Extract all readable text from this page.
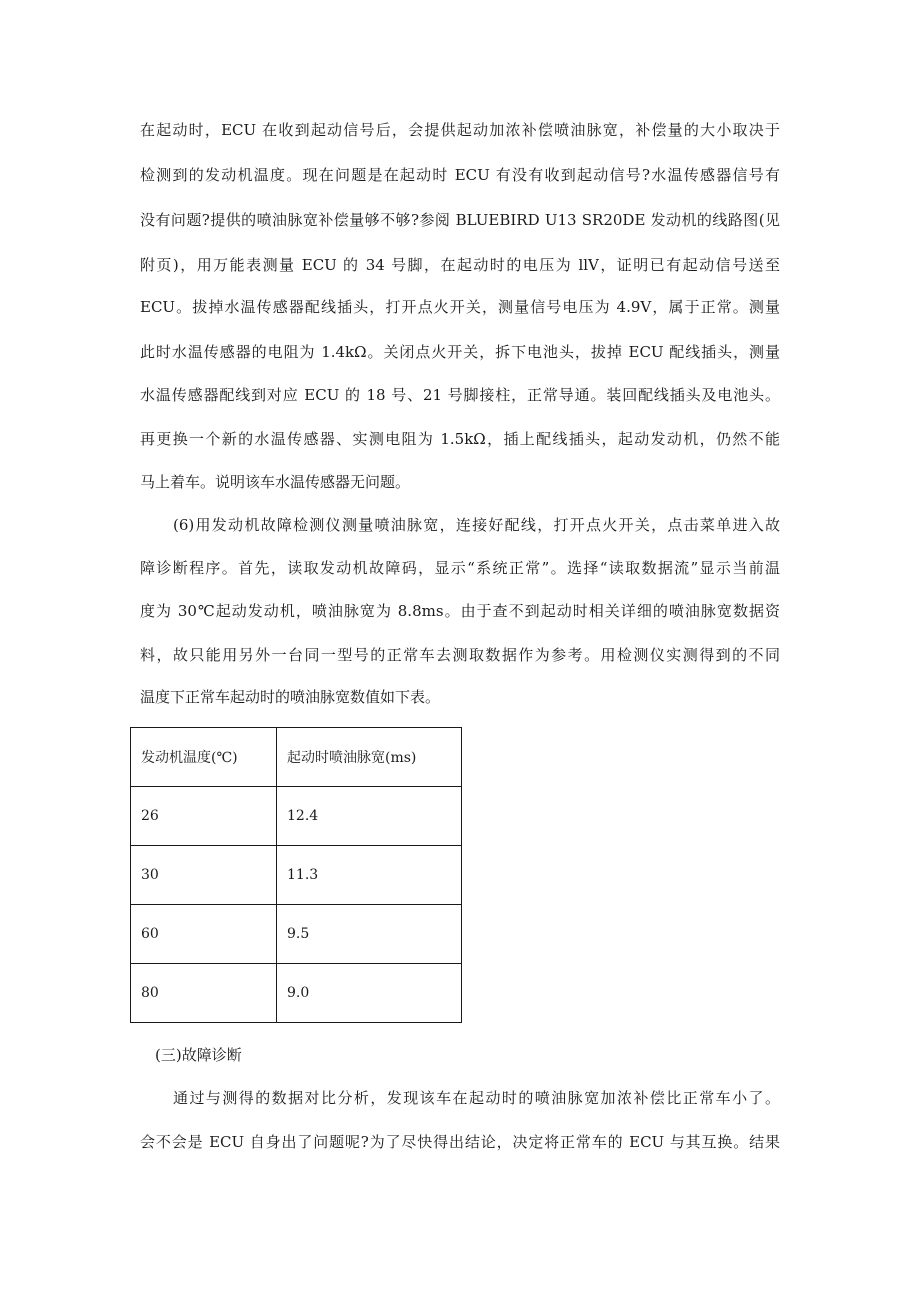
在起动时，ECU 在收到起动信号后，会提供起动加浓补偿喷油脉宽，补偿量的大小取决于
检测到的发动机温度。现在问题是在起动时 ECU 有没有收到起动信号?水温传感器信号有
没有问题?提供的喷油脉宽补偿量够不够?参阅 BLUEBIRD U13 SR20DE 发动机的线路图(见
附页)，用万能表测量 ECU 的 34 号脚，在起动时的电压为 llV，证明已有起动信号送至
ECU。拔掉水温传感器配线插头，打开点火开关，测量信号电压为 4.9V，属于正常。测量
此时水温传感器的电阻为 1.4kΩ。关闭点火开关，拆下电池头，拔掉 ECU 配线插头，测量
水温传感器配线到对应 ECU 的 18 号、21 号脚接柱，正常导通。装回配线插头及电池头。
再更换一个新的水温传感器、实测电阻为 1.5kΩ，插上配线插头，起动发动机，仍然不能
马上着车。说明该车水温传感器无问题。
(6)用发动机故障检测仪测量喷油脉宽，连接好配线，打开点火开关，点击菜单进入故
障诊断程序。首先，读取发动机故障码，显示“系统正常”。选择“读取数据流”显示当前温
度为 30℃起动发动机，喷油脉宽为 8.8ms。由于查不到起动时相关详细的喷油脉宽数据资
料，故只能用另外一台同一型号的正常车去测取数据作为参考。用检测仪实测得到的不同
温度下正常车起动时的喷油脉宽数值如下表。
发动机温度(℃)	起动时喷油脉宽(ms)
26	12.4
30	11.3
60	9.5
80	9.0
(三)故障诊断
通过与测得的数据对比分析，发现该车在起动时的喷油脉宽加浓补偿比正常车小了。
会不会是 ECU 自身出了问题呢?为了尽快得出结论，决定将正常车的 ECU 与其互换。结果
